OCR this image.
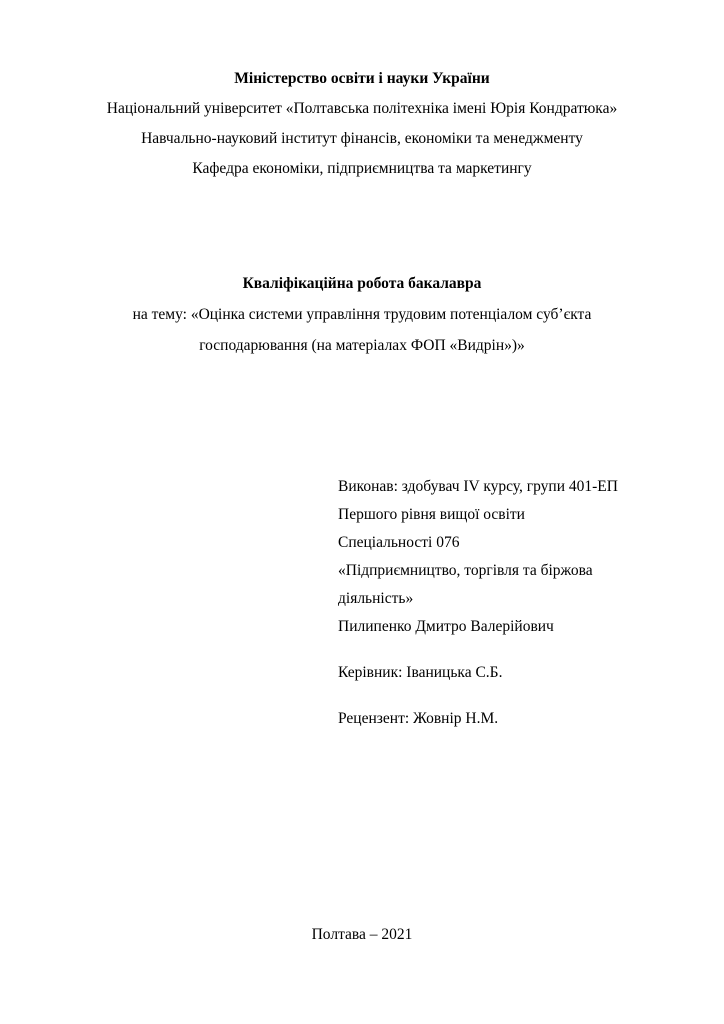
Міністерство освіти і науки України
Національний університет «Полтавська політехніка імені Юрія Кондратюка»
Навчально-науковий інститут фінансів, економіки та менеджменту
Кафедра економіки, підприємництва та маркетингу
Кваліфікаційна робота бакалавра
на тему: «Оцінка системи управління трудовим потенціалом суб’єкта
господарювання (на матеріалах ФОП «Видрін»)»
Виконав: здобувач IV курсу, групи 401-ЕП
Першого рівня вищої освіти
Спеціальності 076
«Підприємництво, торгівля та біржова
діяльність»
Пилипенко Дмитро Валерійович
Керівник: Іваницька С.Б.
Рецензент: Жовнір Н.М.
Полтава – 2021
